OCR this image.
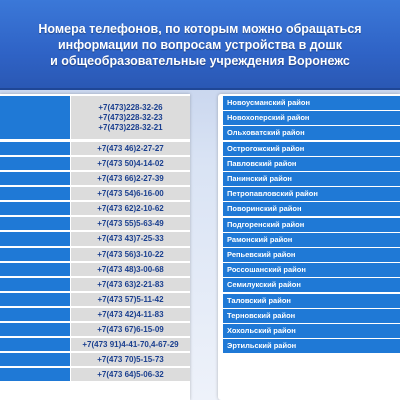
Номера телефонов, по которым можно обращаться
информации по вопросам устройства в дошк
и общеобразовательные учреждения Воронежс
+7(473)228-32-26
+7(473)228-32-23
+7(473)228-32-21
+7(473 46)2-27-27
+7(473 50)4-14-02
+7(473 66)2-27-39
+7(473 54)6-16-00
+7(473 62)2-10-62
+7(473 55)5-63-49
+7(473 43)7-25-33
+7(473 56)3-10-22
+7(473 48)3-00-68
+7(473 63)2-21-83
+7(473 57)5-11-42
+7(473 42)4-11-83
+7(473 67)6-15-09
+7(473 91)4-41-70,4-67-29
+7(473 70)5-15-73
+7(473 64)5-06-32
Новоусманский район
Новохоперский район
Ольховатский район
Острогожский район
Павловский район
Панинский район
Петропавловский район
Поворинский район
Подгоренский район
Рамонский район
Репьевский район
Россошанский район
Семилукский район
Таловский район
Терновский район
Хохольский район
Эртильский район
